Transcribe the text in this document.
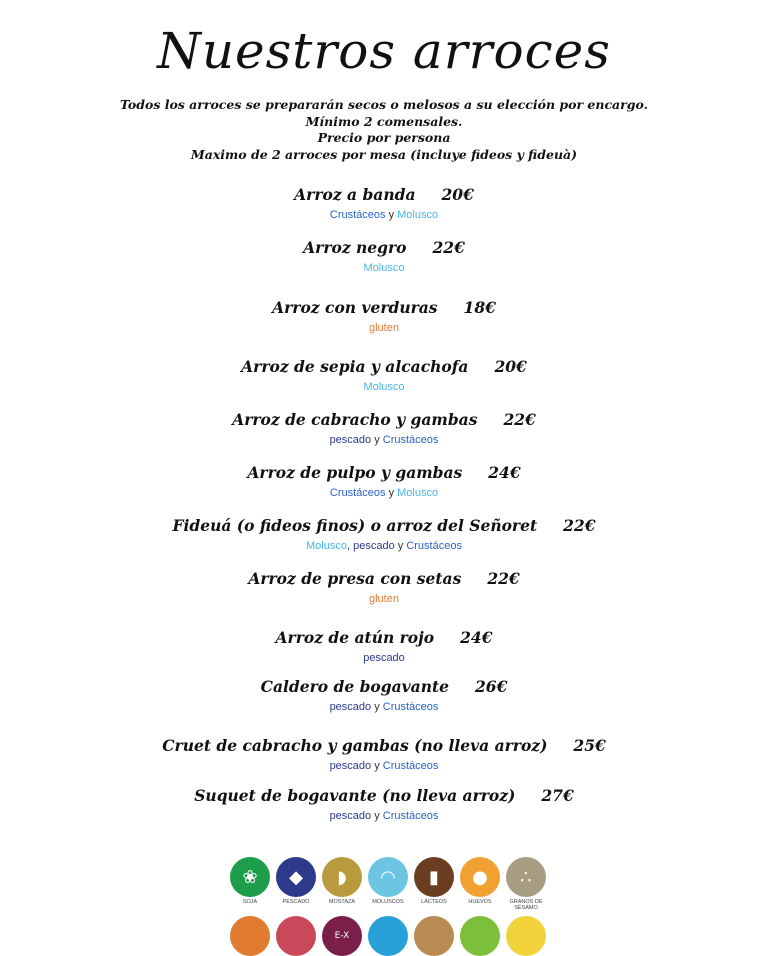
Nuestros arroces
Todos los arroces se prepararán secos o melosos a su elección por encargo.
Mínimo 2 comensales.
Precio por persona
Maximo de 2 arroces por mesa (incluye fideos y fideuà)
Arroz a banda 20€
Crustáceos y Molusco
Arroz negro 22€
Molusco
Arroz con verduras 18€
gluten
Arroz de sepia y alcachofa 20€
Molusco
Arroz de cabracho y gambas 22€
pescado y Crustáceos
Arroz de pulpo y gambas 24€
Crustáceos y Molusco
Fideuá (o fideos finos) o arroz del Señoret 22€
Molusco, pescado y Crustáceos
Arroz de presa con setas 22€
gluten
Arroz de atún rojo 24€
pescado
Caldero de bogavante 26€
pescado y Crustáceos
Cruet de cabracho y gambas (no lleva arroz) 25€
pescado y Crustáceos
Suquet de bogavante (no lleva arroz) 27€
pescado y Crustáceos
❀
SOJA
◆
PESCADO
◗
MOSTAZA
◠
MOLUSCOS
▮
LÁCTEOS
●
HUEVOS
∴
GRANOS DE SÉSAMO
E-X
